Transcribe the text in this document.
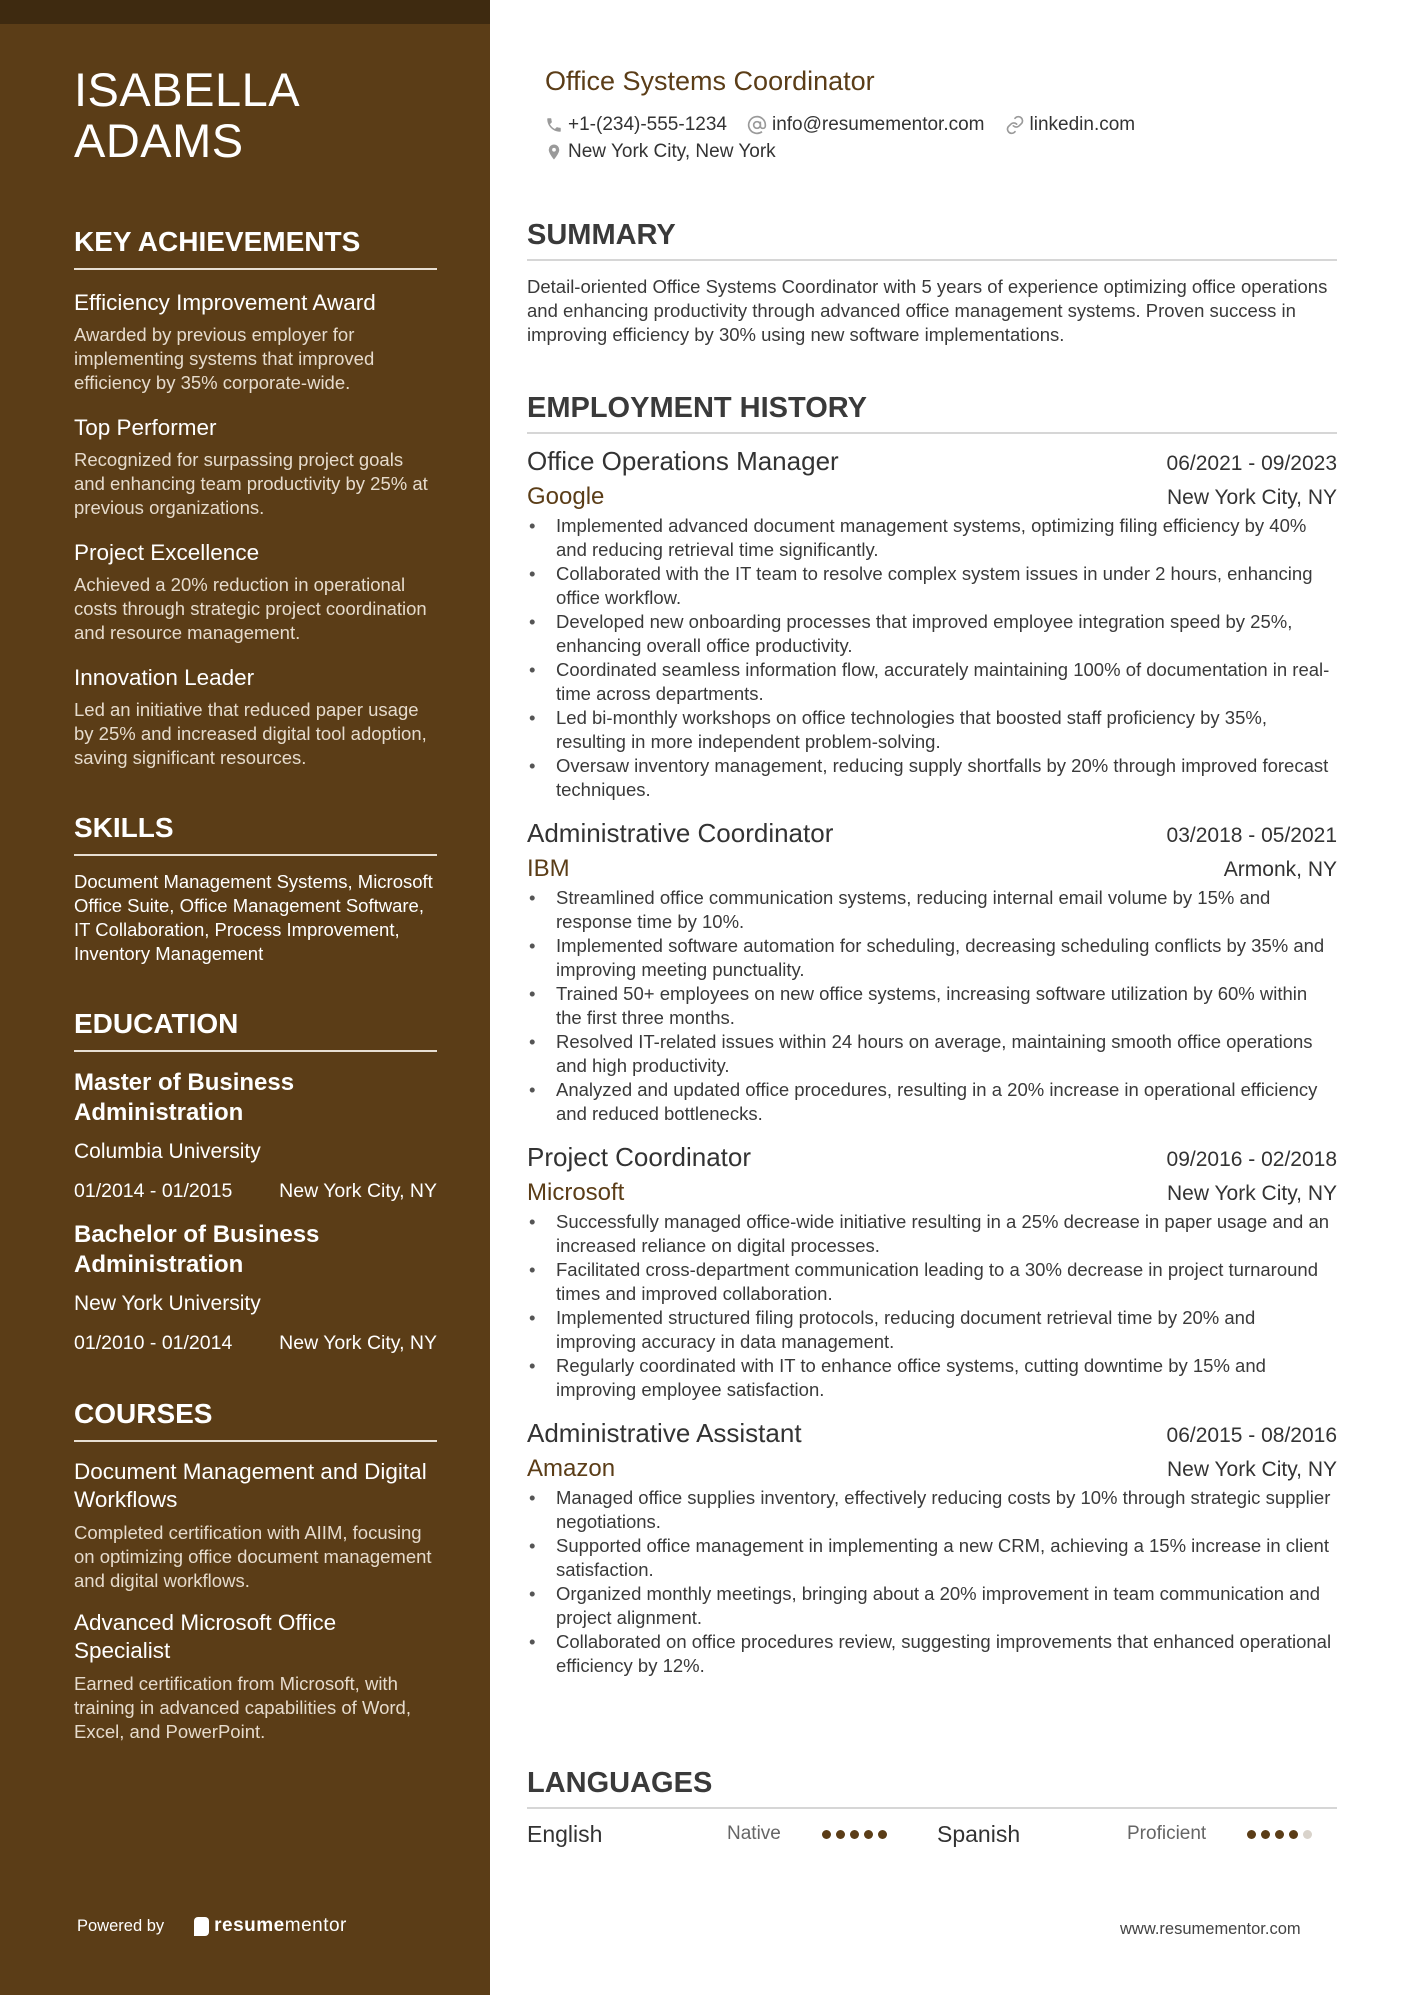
ISABELLA
ADAMS
KEY ACHIEVEMENTS
Efficiency Improvement Award
Awarded by previous employer for implementing systems that improved efficiency by 35% corporate-wide.
Top Performer
Recognized for surpassing project goals and enhancing team productivity by 25% at previous organizations.
Project Excellence
Achieved a 20% reduction in operational costs through strategic project coordination and resource management.
Innovation Leader
Led an initiative that reduced paper usage by 25% and increased digital tool adoption, saving significant resources.
SKILLS
Document Management Systems, Microsoft Office Suite, Office Management Software, IT Collaboration, Process Improvement, Inventory Management
EDUCATION
Master of Business Administration
Columbia University
01/2014 - 01/2015 New York City, NY
Bachelor of Business Administration
New York University
01/2010 - 01/2014 New York City, NY
COURSES
Document Management and Digital Workflows
Completed certification with AIIM, focusing on optimizing office document management and digital workflows.
Advanced Microsoft Office Specialist
Earned certification from Microsoft, with training in advanced capabilities of Word, Excel, and PowerPoint.
Powered by	resume mentor
Office Systems Coordinator
+1-(234)-555-1234 info@resumementor.com linkedin.com
New York City, New York
SUMMARY

Detail-oriented Office Systems Coordinator with 5 years of experience optimizing office operations and enhancing productivity through advanced office management systems. Proven success in improving efficiency by 30% using new software implementations.

EMPLOYMENT HISTORY
Office Operations Manager	06/2021 - 09/2023
Google	New York City, NY
• Implemented advanced document management systems, optimizing filing efficiency by 40% and reducing retrieval time significantly.
• Collaborated with the IT team to resolve complex system issues in under 2 hours, enhancing office workflow.
• Developed new onboarding processes that improved employee integration speed by 25%, enhancing overall office productivity.
• Coordinated seamless information flow, accurately maintaining 100% of documentation in real-time across departments.
• Led bi-monthly workshops on office technologies that boosted staff proficiency by 35%, resulting in more independent problem-solving.
• Oversaw inventory management, reducing supply shortfalls by 20% through improved forecast techniques.
Administrative Coordinator	03/2018 - 05/2021
IBM	Armonk, NY
• Streamlined office communication systems, reducing internal email volume by 15% and response time by 10%.
• Implemented software automation for scheduling, decreasing scheduling conflicts by 35% and improving meeting punctuality.
• Trained 50+ employees on new office systems, increasing software utilization by 60% within the first three months.
• Resolved IT-related issues within 24 hours on average, maintaining smooth office operations and high productivity.
• Analyzed and updated office procedures, resulting in a 20% increase in operational efficiency and reduced bottlenecks.
Project Coordinator	09/2016 - 02/2018
Microsoft	New York City, NY
• Successfully managed office-wide initiative resulting in a 25% decrease in paper usage and an increased reliance on digital processes.
• Facilitated cross-department communication leading to a 30% decrease in project turnaround times and improved collaboration.
• Implemented structured filing protocols, reducing document retrieval time by 20% and improving accuracy in data management.
• Regularly coordinated with IT to enhance office systems, cutting downtime by 15% and improving employee satisfaction.
Administrative Assistant	06/2015 - 08/2016
Amazon	New York City, NY
• Managed office supplies inventory, effectively reducing costs by 10% through strategic supplier negotiations.
• Supported office management in implementing a new CRM, achieving a 15% increase in client satisfaction.
• Organized monthly meetings, bringing about a 20% improvement in team communication and project alignment.
• Collaborated on office procedures review, suggesting improvements that enhanced operational efficiency by 12%.
LANGUAGES
English	Native	Spanish	Proficient
www.resumementor.com
